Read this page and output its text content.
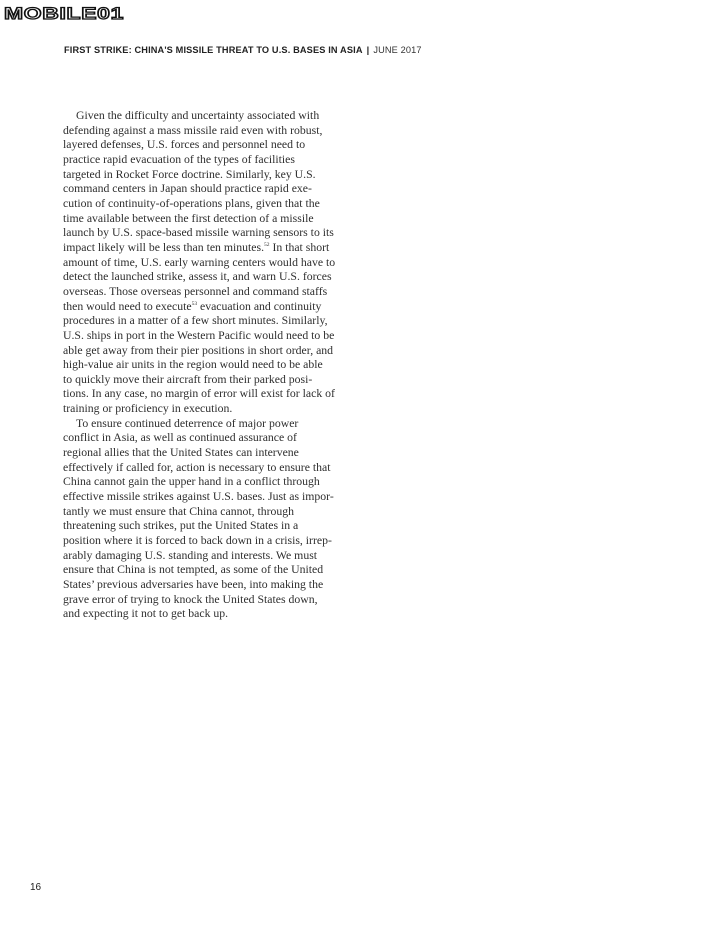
MOBILE01
FIRST STRIKE: CHINA'S MISSILE THREAT TO U.S. BASES IN ASIA | JUNE 2017

Given the difficulty and uncertainty associated with
defending against a mass missile raid even with robust,
layered defenses, U.S. forces and personnel need to
practice rapid evacuation of the types of facilities
targeted in Rocket Force doctrine. Similarly, key U.S.
command centers in Japan should practice rapid exe-
cution of continuity-of-operations plans, given that the
time available between the first detection of a missile
launch by U.S. space-based missile warning sensors to its
impact likely will be less than ten minutes.$^{52}$ In that short
amount of time, U.S. early warning centers would have to
detect the launched strike, assess it, and warn U.S. forces
overseas. Those overseas personnel and command staffs
then would need to execute$^{53}$ evacuation and continuity
procedures in a matter of a few short minutes. Similarly,
U.S. ships in port in the Western Pacific would need to be
able get away from their pier positions in short order, and
high-value air units in the region would need to be able
to quickly move their aircraft from their parked posi-
tions. In any case, no margin of error will exist for lack of
training or proficiency in execution.

To ensure continued deterrence of major power
conflict in Asia, as well as continued assurance of
regional allies that the United States can intervene
effectively if called for, action is necessary to ensure that
China cannot gain the upper hand in a conflict through
effective missile strikes against U.S. bases. Just as impor-
tantly we must ensure that China cannot, through
threatening such strikes, put the United States in a
position where it is forced to back down in a crisis, irrep-
arably damaging U.S. standing and interests. We must
ensure that China is not tempted, as some of the United
States’ previous adversaries have been, into making the
grave error of trying to knock the United States down,
and expecting it not to get back up.

16
